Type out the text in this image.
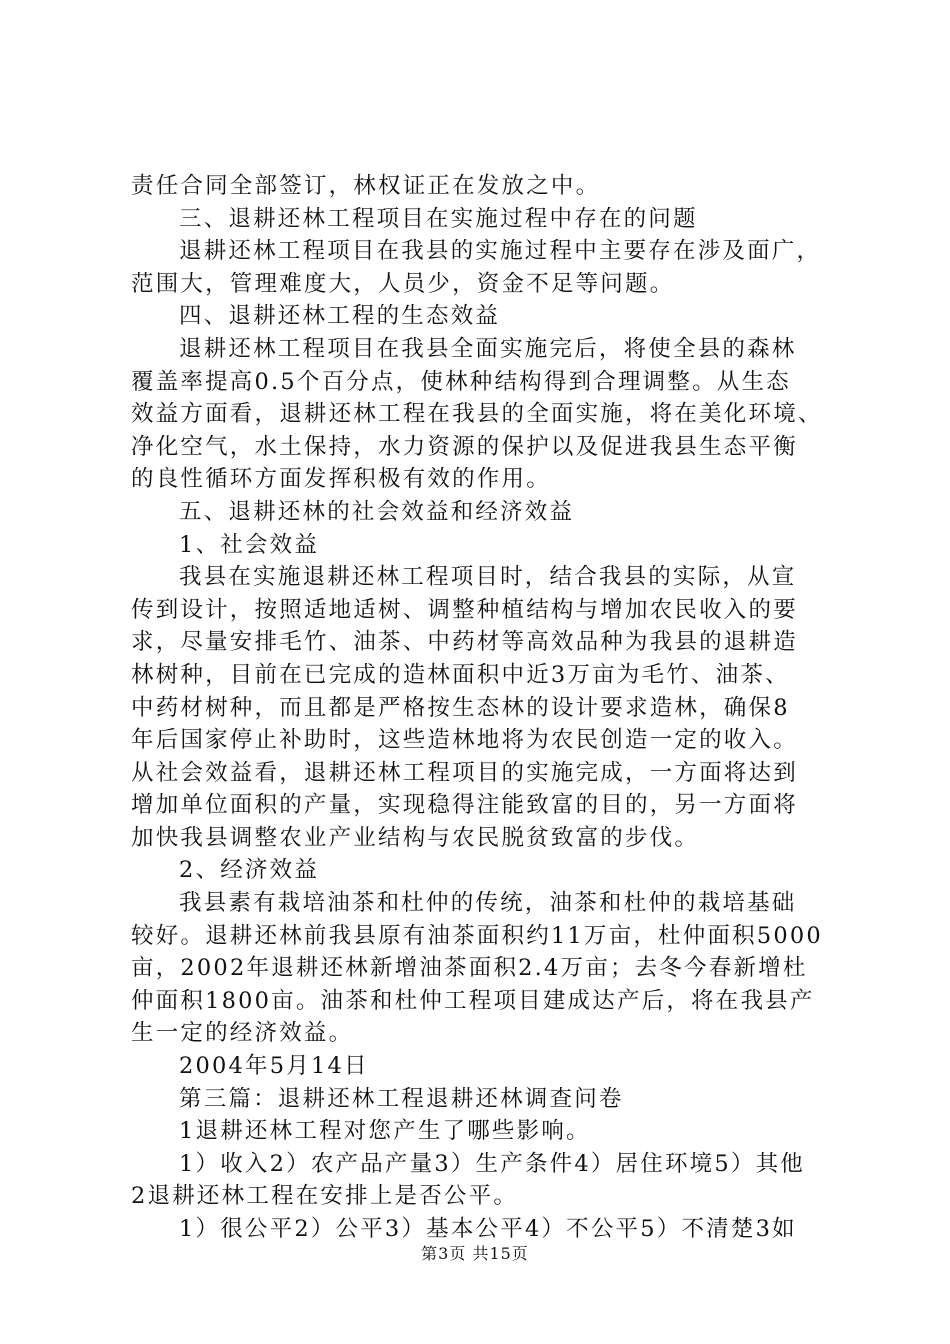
责任合同全部签订，林权证正在发放之中。
三、退耕还林工程项目在实施过程中存在的问题
退耕还林工程项目在我县的实施过程中主要存在涉及面广，
范围大，管理难度大，人员少，资金不足等问题。
四、退耕还林工程的生态效益
退耕还林工程项目在我县全面实施完后，将使全县的森林
覆盖率提高0.5个百分点，使林种结构得到合理调整。从生态
效益方面看，退耕还林工程在我县的全面实施，将在美化环境、
净化空气，水土保持，水力资源的保护以及促进我县生态平衡
的良性循环方面发挥积极有效的作用。
五、退耕还林的社会效益和经济效益
1、社会效益
我县在实施退耕还林工程项目时，结合我县的实际，从宣
传到设计，按照适地适树、调整种植结构与增加农民收入的要
求，尽量安排毛竹、油茶、中药材等高效品种为我县的退耕造
林树种，目前在已完成的造林面积中近3万亩为毛竹、油茶、
中药材树种，而且都是严格按生态林的设计要求造林，确保8
年后国家停止补助时，这些造林地将为农民创造一定的收入。
从社会效益看，退耕还林工程项目的实施完成，一方面将达到
增加单位面积的产量，实现稳得注能致富的目的，另一方面将
加快我县调整农业产业结构与农民脱贫致富的步伐。
2、经济效益
我县素有栽培油茶和杜仲的传统，油茶和杜仲的栽培基础
较好。退耕还林前我县原有油茶面积约11万亩，杜仲面积5000
亩，2002年退耕还林新增油茶面积2.4万亩；去冬今春新增杜
仲面积1800亩。油茶和杜仲工程项目建成达产后，将在我县产
生一定的经济效益。
2004年5月14日
第三篇：退耕还林工程退耕还林调查问卷
1退耕还林工程对您产生了哪些影响。
1）收入2）农产品产量3）生产条件4）居住环境5）其他
2退耕还林工程在安排上是否公平。
1）很公平2）公平3）基本公平4）不公平5）不清楚3如
第3页 共15页
